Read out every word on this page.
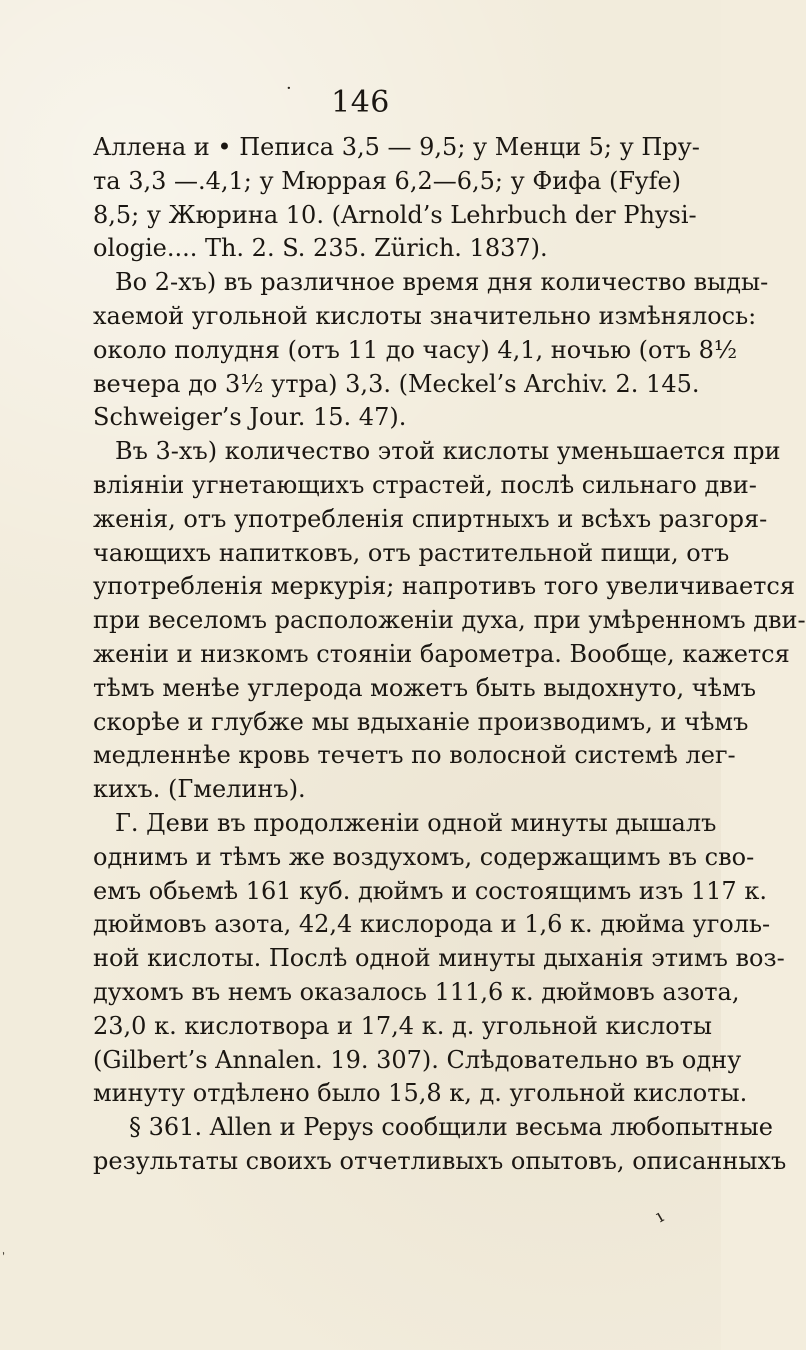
146
·
ı
ˎ
Аллена и • Пеписа 3,5 — 9,5; у Менци 5; у Пру-
та 3,3 —.4,1; у Мюррая 6,2—6,5; у Фифа (Fyfe)
8,5; у Жюрина 10. (Arnold’s Lehrbuch der Physi-
ologie.... Th. 2. S. 235. Zürich. 1837).
Во 2-хъ) въ различное время дня количество выды-
хаемой угольной кислоты значительно измѣнялось:
около полудня (отъ 11 до часу) 4,1, ночью (отъ 8½
вечера до 3½ утра) 3,3. (Meckel’s Archiv. 2. 145.
Schweiger’s Jour. 15. 47).
Въ 3-хъ) количество этой кислоты уменьшается при
вліяніи угнетающихъ страстей, послѣ сильнаго дви-
женія, отъ употребленія спиртныхъ и всѣхъ разгоря-
чающихъ напитковъ, отъ растительной пищи, отъ
употребленія меркурія; напротивъ того увеличивается
при веселомъ расположеніи духа, при умѣренномъ дви-
женіи и низкомъ стояніи барометра. Вообще, кажется
тѣмъ менѣе углерода можетъ быть выдохнуто, чѣмъ
скорѣе и глубже мы вдыханіе производимъ, и чѣмъ
медленнѣе кровь течетъ по волосной системѣ лег-
кихъ. (Гмелинъ).
Г. Деви въ продолженіи одной минуты дышалъ
однимъ и тѣмъ же воздухомъ, содержащимъ въ сво-
емъ обьемѣ 161 куб. дюймъ и состоящимъ изъ 117 к.
дюймовъ азота, 42,4 кислорода и 1,6 к. дюйма уголь-
ной кислоты. Послѣ одной минуты дыханія этимъ воз-
духомъ въ немъ оказалось 111,6 к. дюймовъ азота,
23,0 к. кислотвора и 17,4 к. д. угольной кислоты
(Gilbert’s Annalen. 19. 307). Слѣдовательно въ одну
минуту отдѣлено было 15,8 к, д. угольной кислоты.
§ 361. Allen и Pepys сообщили весьма любопытные
результаты своихъ отчетливыхъ опытовъ, описанныхъ
